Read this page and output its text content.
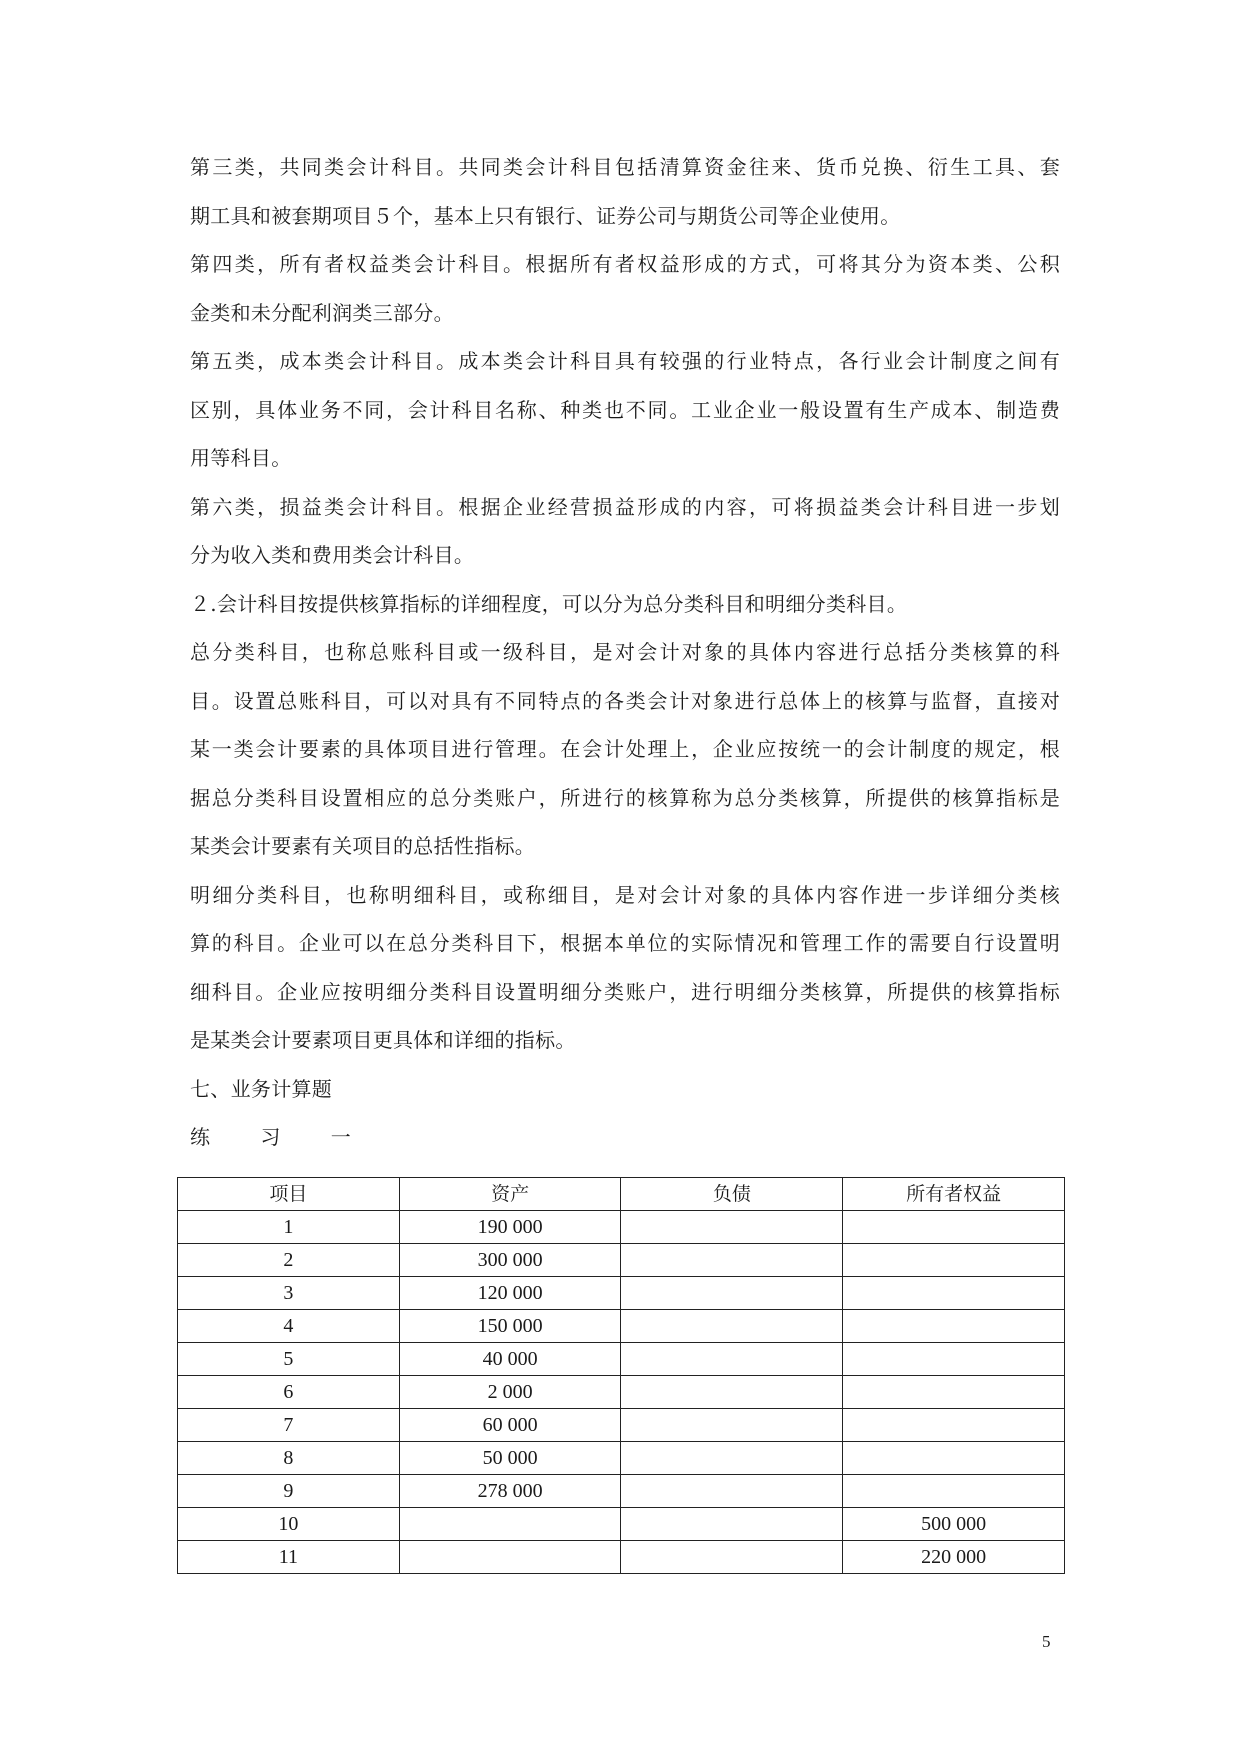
第三类，共同类会计科目。共同类会计科目包括清算资金往来、货币兑换、衍生工具、套
期工具和被套期项目５个，基本上只有银行、证券公司与期货公司等企业使用。
第四类，所有者权益类会计科目。根据所有者权益形成的方式，可将其分为资本类、公积
金类和未分配利润类三部分。
第五类，成本类会计科目。成本类会计科目具有较强的行业特点，各行业会计制度之间有
区别，具体业务不同，会计科目名称、种类也不同。工业企业一般设置有生产成本、制造费
用等科目。
第六类，损益类会计科目。根据企业经营损益形成的内容，可将损益类会计科目进一步划
分为收入类和费用类会计科目。
２.会计科目按提供核算指标的详细程度，可以分为总分类科目和明细分类科目。
总分类科目，也称总账科目或一级科目，是对会计对象的具体内容进行总括分类核算的科
目。设置总账科目，可以对具有不同特点的各类会计对象进行总体上的核算与监督，直接对
某一类会计要素的具体项目进行管理。在会计处理上，企业应按统一的会计制度的规定，根
据总分类科目设置相应的总分类账户，所进行的核算称为总分类核算，所提供的核算指标是
某类会计要素有关项目的总括性指标。
明细分类科目，也称明细科目，或称细目，是对会计对象的具体内容作进一步详细分类核
算的科目。企业可以在总分类科目下，根据本单位的实际情况和管理工作的需要自行设置明
细科目。企业应按明细分类科目设置明细分类账户，进行明细分类核算，所提供的核算指标
是某类会计要素项目更具体和详细的指标。
七、业务计算题
练 习 一
项目	资产	负债	所有者权益
1	190 000		
2	300 000		
3	120 000		
4	150 000		
5	40 000		
6	2 000		
7	60 000		
8	50 000		
9	278 000		
10			500 000
11			220 000
5
